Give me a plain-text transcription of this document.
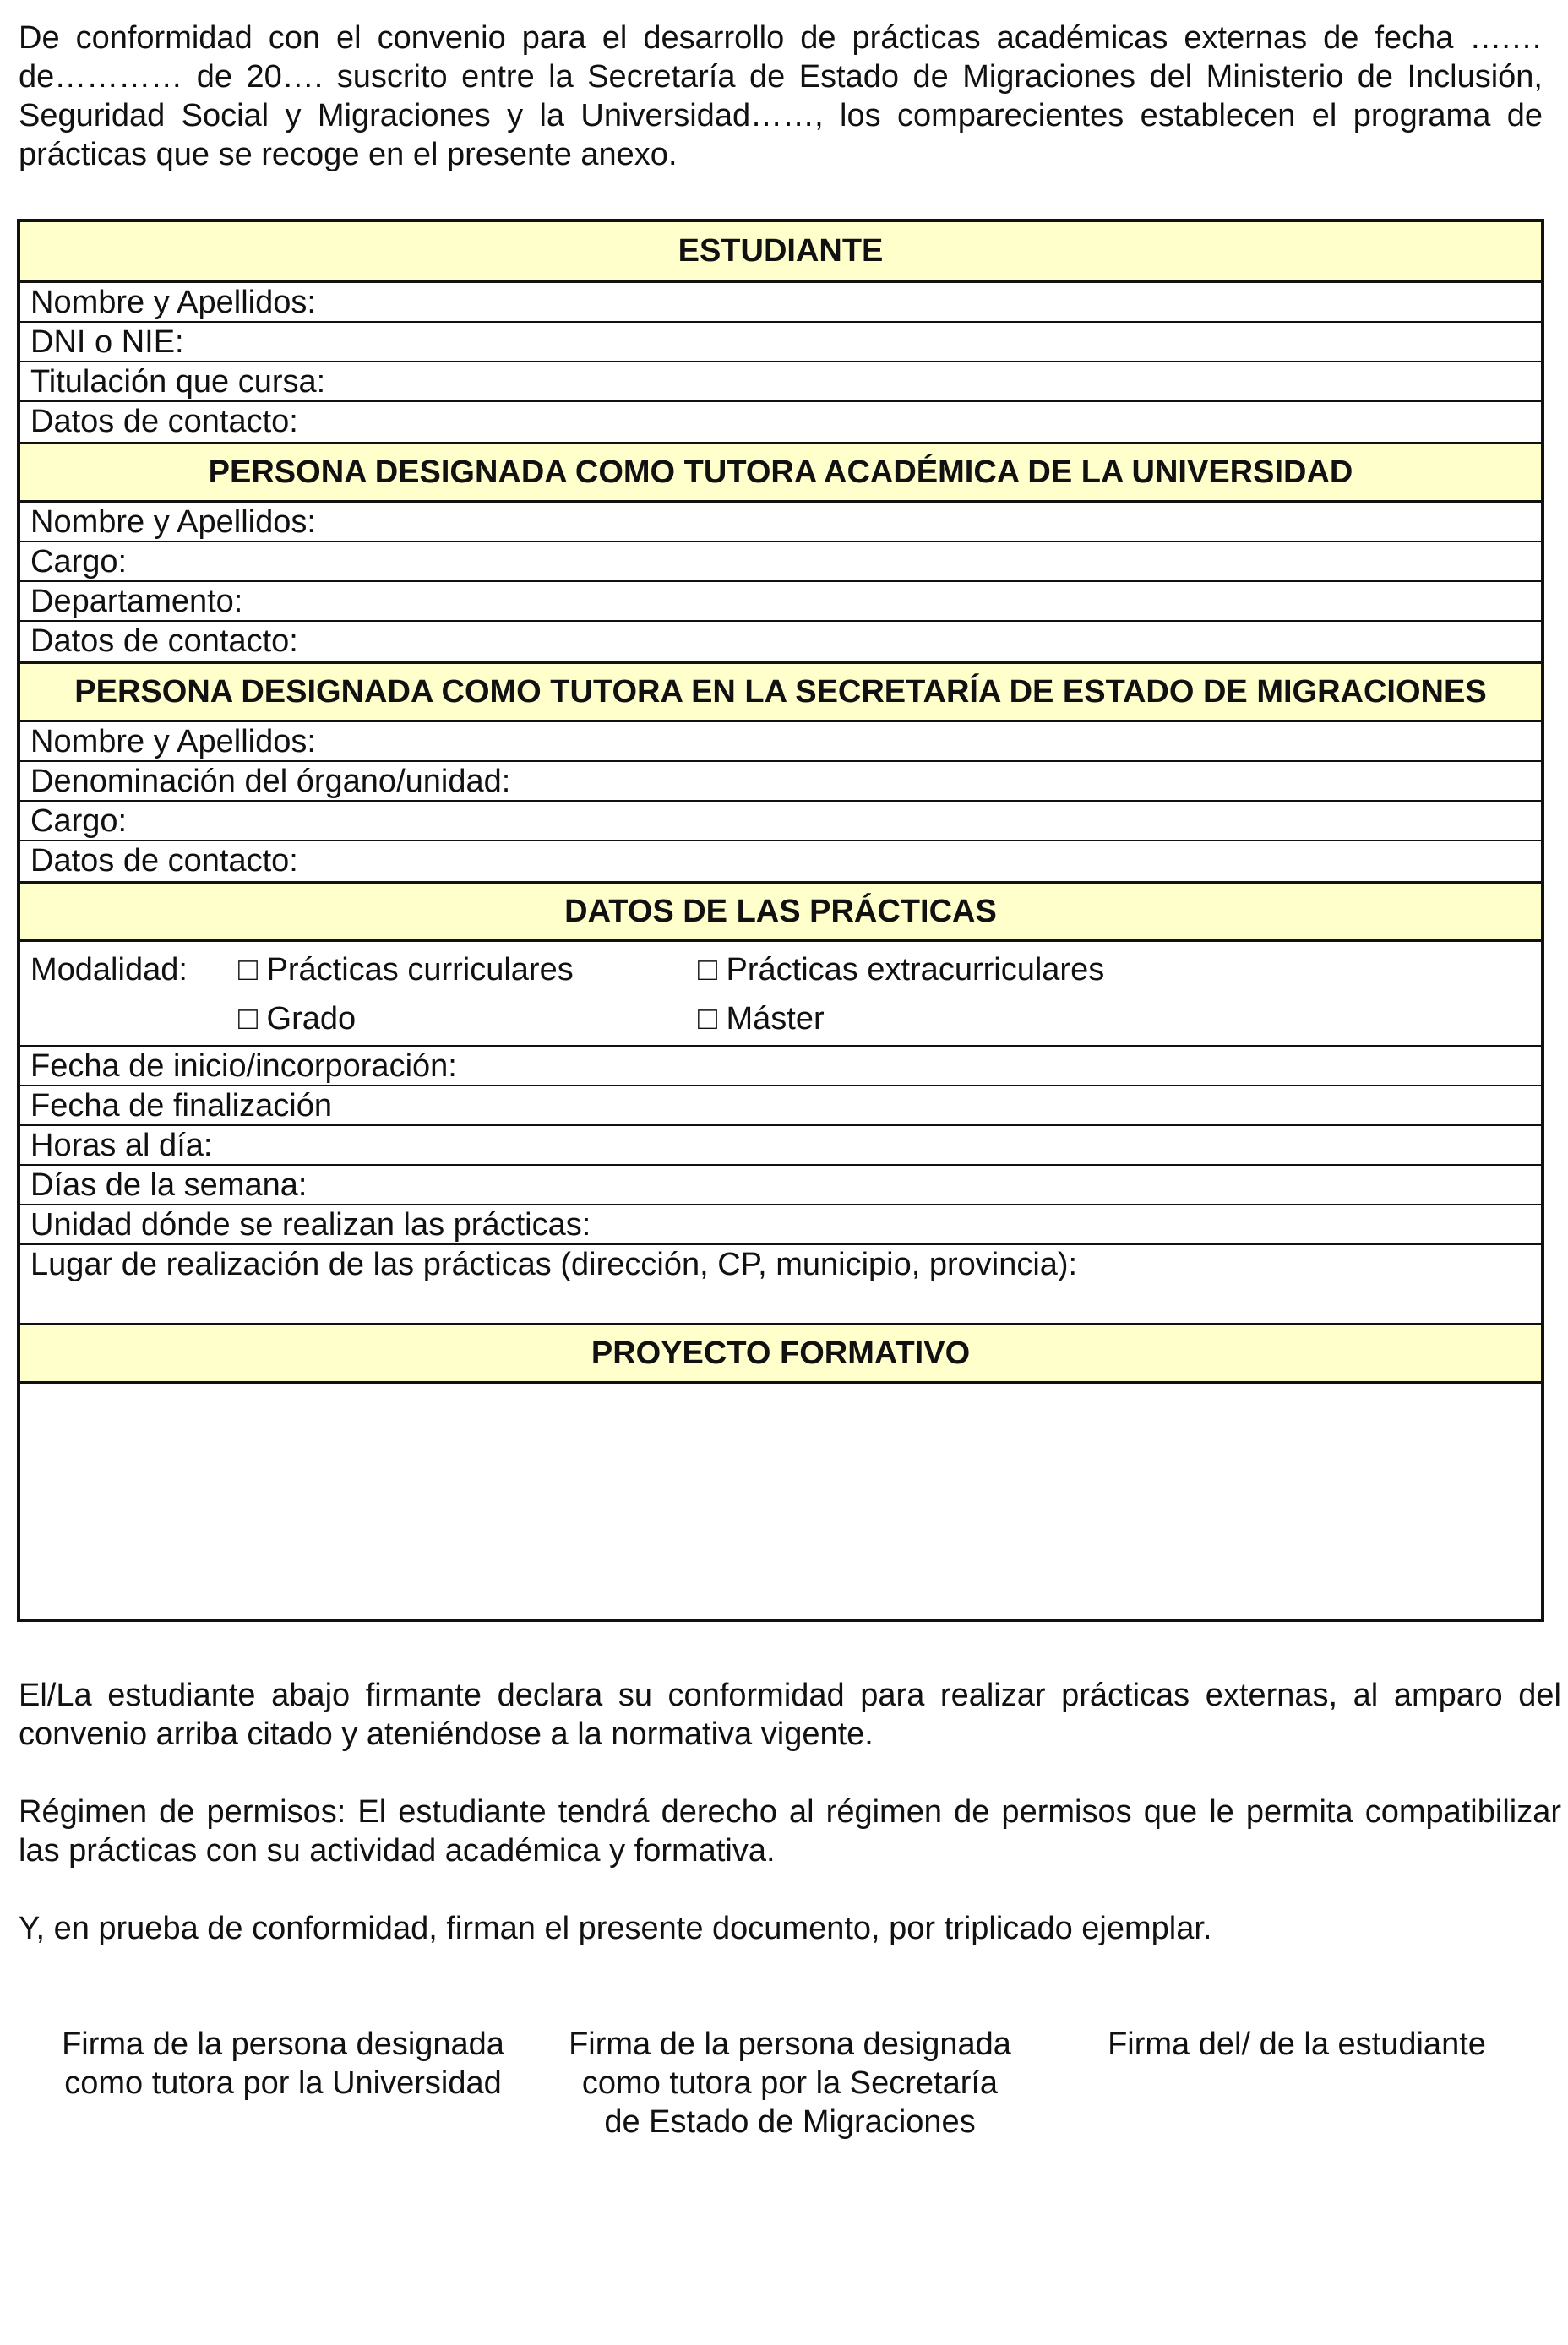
De conformidad con el convenio para el desarrollo de prácticas académicas externas de fecha ….… de………… de 20…. suscrito entre la Secretaría de Estado de Migraciones del Ministerio de Inclusión, Seguridad Social y Migraciones y la Universidad……, los comparecientes establecen el programa de prácticas que se recoge en el presente anexo.
ESTUDIANTE
Nombre y Apellidos:
DNI o NIE:
Titulación que cursa:
Datos de contacto:
PERSONA DESIGNADA COMO TUTORA ACADÉMICA DE LA UNIVERSIDAD
Nombre y Apellidos:
Cargo:
Departamento:
Datos de contacto:
PERSONA DESIGNADA COMO TUTORA EN LA SECRETARÍA DE ESTADO DE MIGRACIONES
Nombre y Apellidos:
Denominación del órgano/unidad:
Cargo:
Datos de contacto:
DATOS DE LAS PRÁCTICAS
Modalidad: □ Prácticas curriculares	□ Prácticas extracurriculares
□ Grado	□ Máster
Fecha de inicio/incorporación:
Fecha de finalización
Horas al día:
Días de la semana:
Unidad dónde se realizan las prácticas:
Lugar de realización de las prácticas (dirección, CP, municipio, provincia):
PROYECTO FORMATIVO
El/La estudiante abajo firmante declara su conformidad para realizar prácticas externas, al amparo del convenio arriba citado y ateniéndose a la normativa vigente.
Régimen de permisos: El estudiante tendrá derecho al régimen de permisos que le permita compatibilizar las prácticas con su actividad académica y formativa.
Y, en prueba de conformidad, firman el presente documento, por triplicado ejemplar.
Firma de la persona designada
como tutora por la Universidad
Firma de la persona designada
como tutora por la Secretaría
de Estado de Migraciones
Firma del/ de la estudiante
